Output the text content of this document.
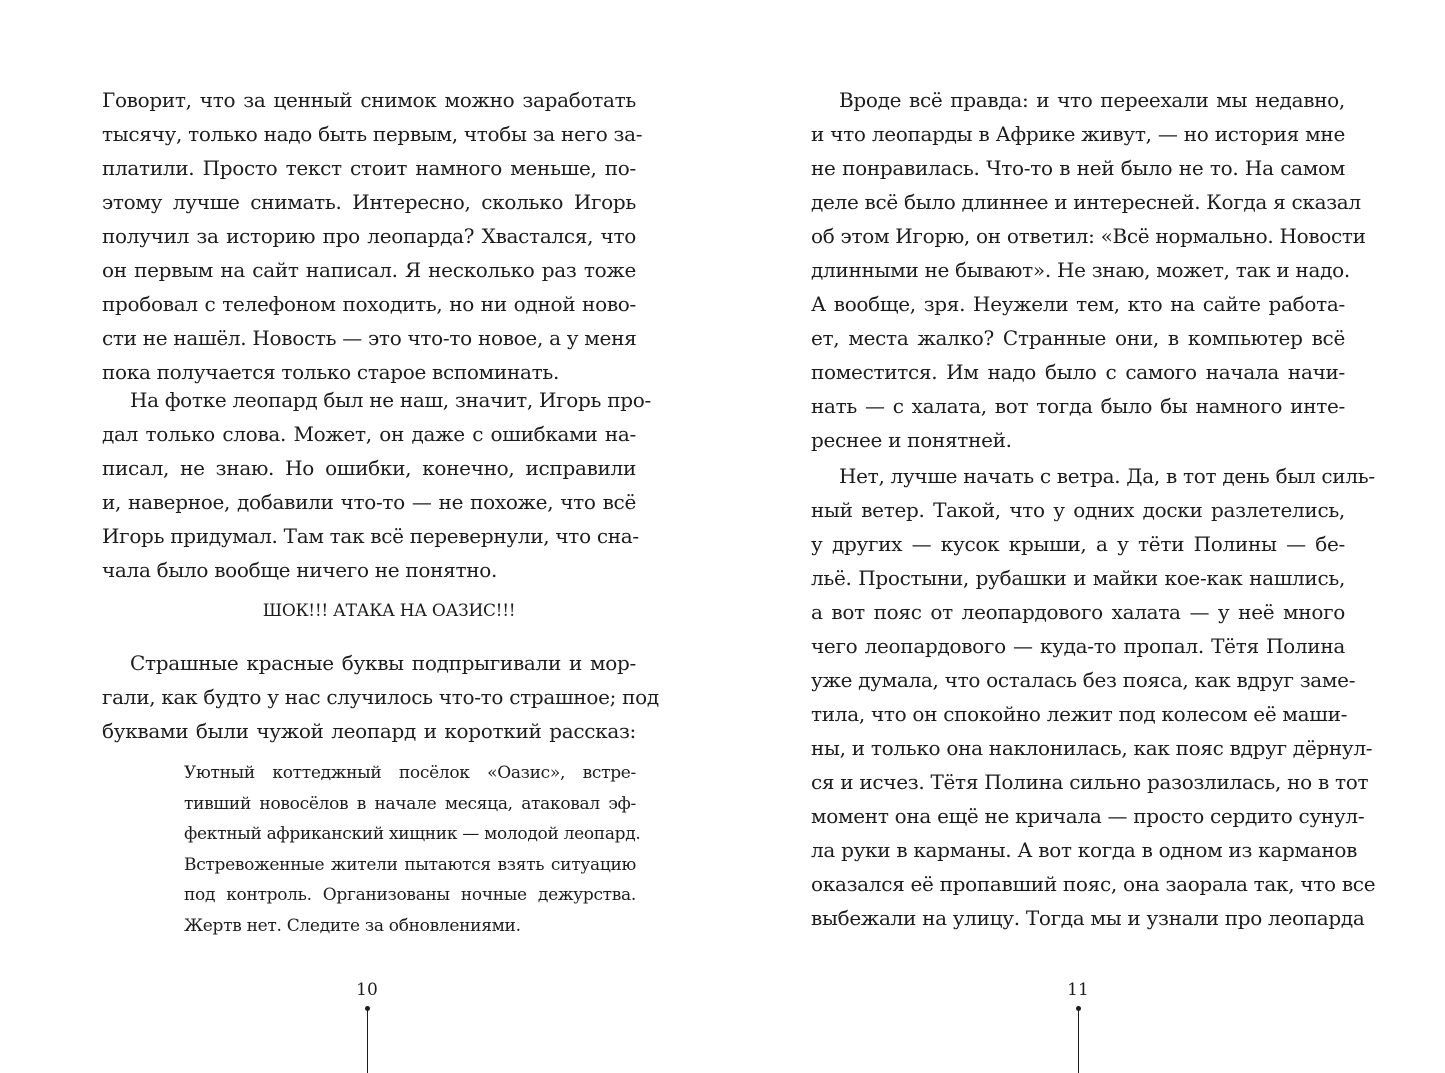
Говорит, что за ценный снимок можно заработать
тысячу, только надо быть первым, чтобы за него за-
платили. Просто текст стоит намного меньше, по-
этому лучше снимать. Интересно, сколько Игорь
получил за историю про леопарда? Хвастался, что
он первым на сайт написал. Я несколько раз тоже
пробовал с телефоном походить, но ни одной ново-
сти не нашёл. Новость — это что-то новое, а у меня
пока получается только старое вспоминать.
На фотке леопард был не наш, значит, Игорь про-
дал только слова. Может, он даже с ошибками на-
писал, не знаю. Но ошибки, конечно, исправили
и, наверное, добавили что-то — не похоже, что всё
Игорь придумал. Там так всё перевернули, что сна-
чала было вообще ничего не понятно.
ШОК!!! АТАКА НА ОАЗИС!!!
Страшные красные буквы подпрыгивали и мор-
гали, как будто у нас случилось что-то страшное; под
буквами были чужой леопард и короткий рассказ:
Уютный коттеджный посёлок «Оазис», встре-
тивший новосёлов в начале месяца, атаковал эф-
фектный африканский хищник — молодой леопард.
Встревоженные жители пытаются взять ситуацию
под контроль. Организованы ночные дежурства.
Жертв нет. Следите за обновлениями.
10
Вроде всё правда: и что переехали мы недавно,
и что леопарды в Африке живут, — но история мне
не понравилась. Что-то в ней было не то. На самом
деле всё было длиннее и интересней. Когда я сказал
об этом Игорю, он ответил: «Всё нормально. Новости
длинными не бывают». Не знаю, может, так и надо.
А вообще, зря. Неужели тем, кто на сайте работа-
ет, места жалко? Странные они, в компьютер всё
поместится. Им надо было с самого начала начи-
нать — с халата, вот тогда было бы намного инте-
реснее и понятней.
Нет, лучше начать с ветра. Да, в тот день был силь-
ный ветер. Такой, что у одних доски разлетелись,
у других — кусок крыши, а у тёти Полины — бе-
льё. Простыни, рубашки и майки кое-как нашлись,
а вот пояс от леопардового халата — у неё много
чего леопардового — куда-то пропал. Тётя Полина
уже думала, что осталась без пояса, как вдруг заме-
тила, что он спокойно лежит под колесом её маши-
ны, и только она наклонилась, как пояс вдруг дёрнул-
ся и исчез. Тётя Полина сильно разозлилась, но в тот
момент она ещё не кричала — просто сердито сунул-
ла руки в карманы. А вот когда в одном из карманов
оказался её пропавший пояс, она заорала так, что все
выбежали на улицу. Тогда мы и узнали про леопарда
11
